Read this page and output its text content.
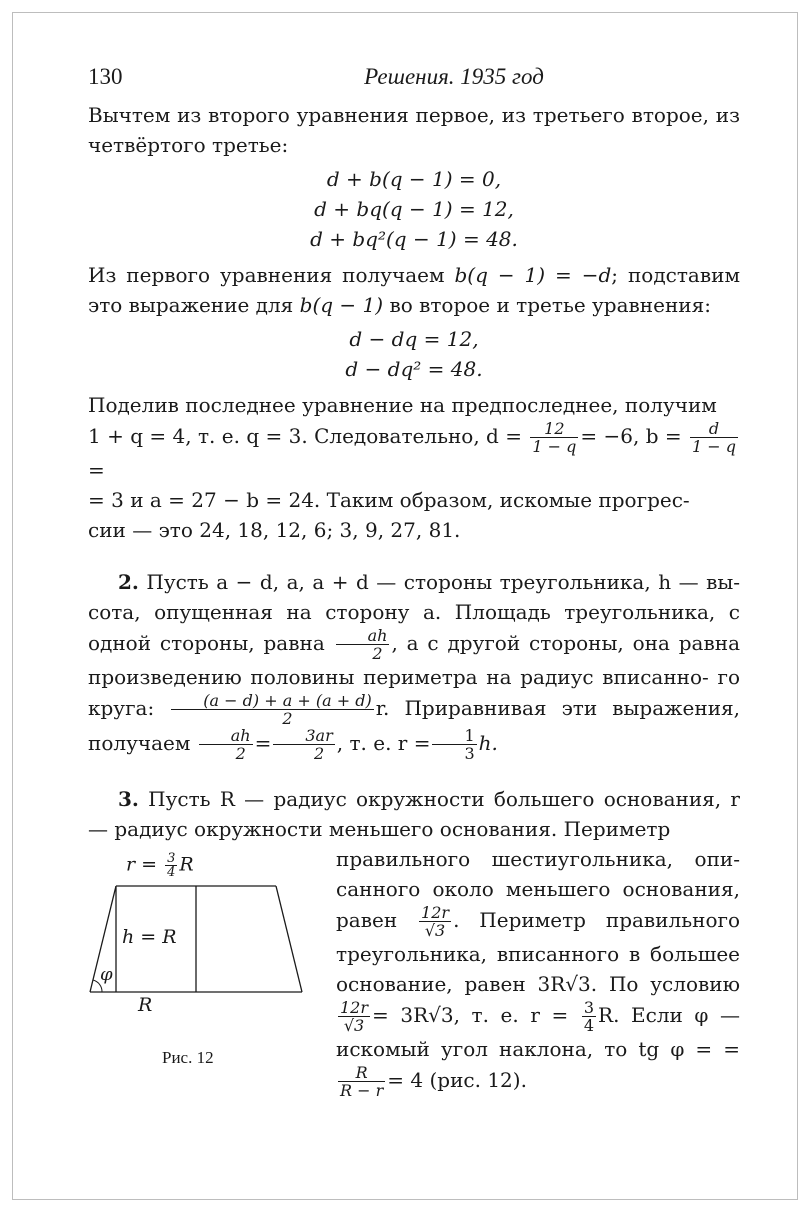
130	Решения. 1935 год

Вычтем из второго уравнения первое, из третьего второе, из четвёртого третье:

d + b(q − 1) = 0,
d + bq(q − 1) = 12,
d + bq²(q − 1) = 48.

Из первого уравнения получаем b(q − 1) = −d; подставим это выражение для b(q − 1) во второе и третье уравнения:

d − dq = 12,
d − dq² = 48.

Поделив последнее уравнение на предпоследнее, получим
1 + q = 4, т. е. q = 3. Следовательно, $d = \frac{12}{1 - q} = -6$, $b = \frac{d}{1 - q}$
=
= 3 и a = 27 − b = 24. Таким образом, искомые прогрес-
сии — это 24, 18, 12, 6; 3, 9, 27, 81.

2. Пусть a − d, a, a + d — стороны треугольника, h — вы- сота, опущенная на сторону a. Площадь треугольника, с одной стороны, равна $\frac{ah}{2}$ , а с другой стороны, она равна произведению половины периметра на радиус вписанно- го круга: $\frac{(a - d) + a + (a + d)}{2} r$. Приравнивая эти выражения, получаем $\frac{ah}{2} = \frac{3ar}{2}$ , т. е. $r = \frac{1}{3} h$.

3. Пусть R — радиус окружности большего основания, r — радиус окружности меньшего основания. Периметр

$r = \frac{3}{4}$ R
h = R
φ
R
Рис. 12

правильного шестиугольника, опи- санного около меньшего основания, равен $\frac{12r}{√3}$ . Периметр правильного треугольника, вписанного в большее основание, равен 3R√3. По условию
$\frac{12r}{√3} = 3R√3$, т. е. $r = \frac{3}{4} R$. Если φ — искомый угол наклона, то tg φ = =
$\frac{R}{R - r} = 4$ (рис. 12).
